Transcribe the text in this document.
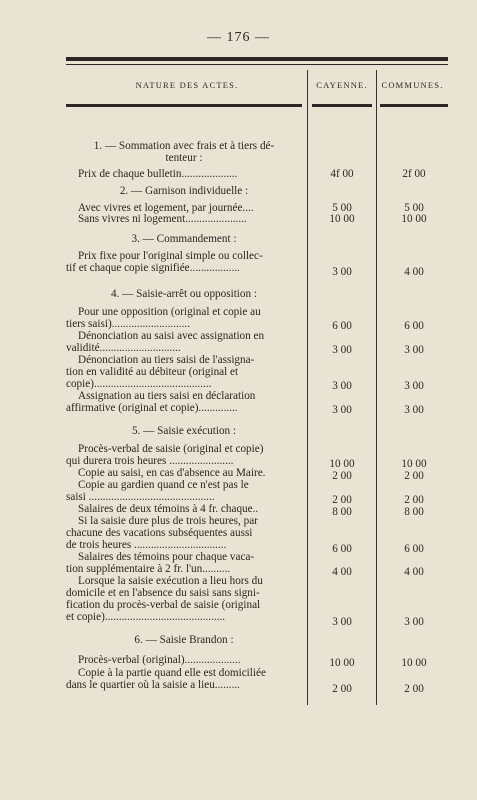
— 176 —
NATURE DES ACTES.	CAYENNE.	COMMUNES.
1. — Sommation avec frais et à tiers dé-
tenteur :
Prix de chaque bulletin....................	4f 00	2f 00
2. — Garnison individuelle :
Avec vivres et logement, par journée....	5 00	5 00
Sans vivres ni logement......................	10 00	10 00
3. — Commandement :
Prix fixe pour l'original simple ou collec-
tif et chaque copie signifiée..................	3 00	4 00
4. — Saisie-arrêt ou opposition :
Pour une opposition (original et copie au
tiers saisi)............................	6 00	6 00
Dénonciation au saisi avec assignation en
validité.............................	3 00	3 00
Dénonciation au tiers saisi de l'assigna-
tion en validité au débiteur (original et
copie)..........................................	3 00	3 00
Assignation au tiers saisi en déclaration
affirmative (original et copie)..............	3 00	3 00
5. — Saisie exécution :
Procès-verbal de saisie (original et copie)
qui durera trois heures .......................	10 00	10 00
Copie au saisi, en cas d'absence au Maire.	2 00	2 00
Copie au gardien quand ce n'est pas le
saisi .............................................	2 00	2 00
Salaires de deux témoins à 4 fr. chaque..	8 00	8 00
Si la saisie dure plus de trois heures, par
chacune des vacations subséquentes aussi
de trois heures .................................	6 00	6 00
Salaires des témoins pour chaque vaca-
tion supplémentaire à 2 fr. l'un..........	4 00	4 00
Lorsque la saisie exécution a lieu hors du
domicile et en l'absence du saisi sans signi-
fication du procès-verbal de saisie (original
et copie)...........................................	3 00	3 00
6. — Saisie Brandon :
Procès-verbal (original)....................	10 00	10 00
Copie à la partie quand elle est domiciliée
dans le quartier où la saisie a lieu.........	2 00	2 00
